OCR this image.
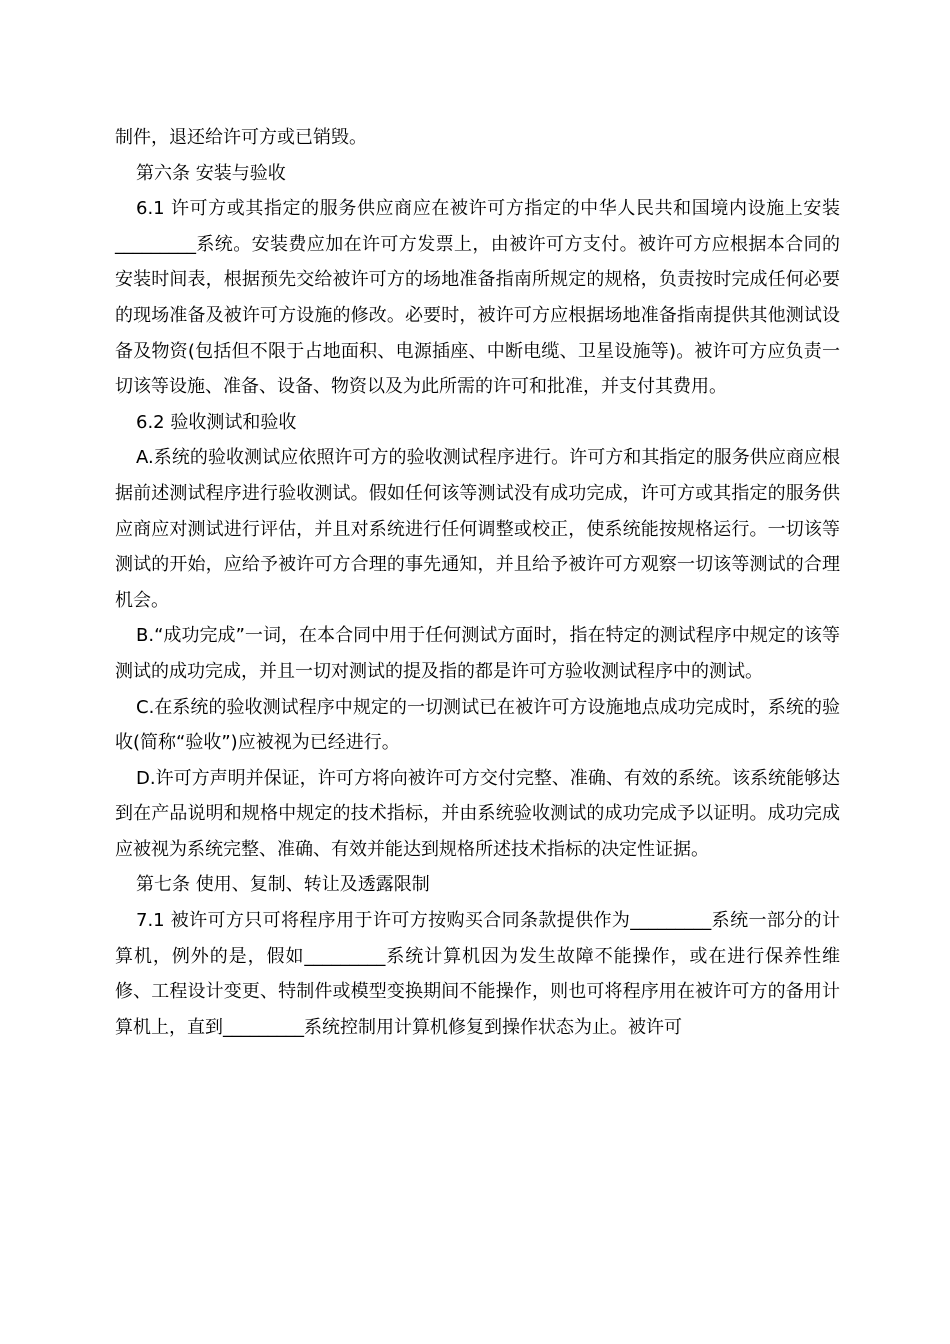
制件，退还给许可方或已销毁。

第六条 安装与验收

6.1 许可方或其指定的服务供应商应在被许可方指定的中华人民共和国境内设施上安装_________系统。安装费应加在许可方发票上，由被许可方支付。被许可方应根据本合同的安装时间表，根据预先交给被许可方的场地准备指南所规定的规格，负责按时完成任何必要的现场准备及被许可方设施的修改。必要时，被许可方应根据场地准备指南提供其他测试设备及物资(包括但不限于占地面积、电源插座、中断电缆、卫星设施等)。被许可方应负责一切该等设施、准备、设备、物资以及为此所需的许可和批准，并支付其费用。

6.2 验收测试和验收

A.系统的验收测试应依照许可方的验收测试程序进行。许可方和其指定的服务供应商应根据前述测试程序进行验收测试。假如任何该等测试没有成功完成，许可方或其指定的服务供应商应对测试进行评估，并且对系统进行任何调整或校正，使系统能按规格运行。一切该等测试的开始，应给予被许可方合理的事先通知，并且给予被许可方观察一切该等测试的合理机会。

B.“成功完成”一词，在本合同中用于任何测试方面时，指在特定的测试程序中规定的该等测试的成功完成，并且一切对测试的提及指的都是许可方验收测试程序中的测试。

C.在系统的验收测试程序中规定的一切测试已在被许可方设施地点成功完成时，系统的验收(简称“验收”)应被视为已经进行。

D.许可方声明并保证，许可方将向被许可方交付完整、准确、有效的系统。该系统能够达到在产品说明和规格中规定的技术指标，并由系统验收测试的成功完成予以证明。成功完成应被视为系统完整、准确、有效并能达到规格所述技术指标的决定性证据。

第七条 使用、复制、转让及透露限制

7.1 被许可方只可将程序用于许可方按购买合同条款提供作为_________系统一部分的计算机，例外的是，假如_________系统计算机因为发生故障不能操作，或在进行保养性维修、工程设计变更、特制件或模型变换期间不能操作，则也可将程序用在被许可方的备用计算机上，直到_________系统控制用计算机修复到操作状态为止。被许可
